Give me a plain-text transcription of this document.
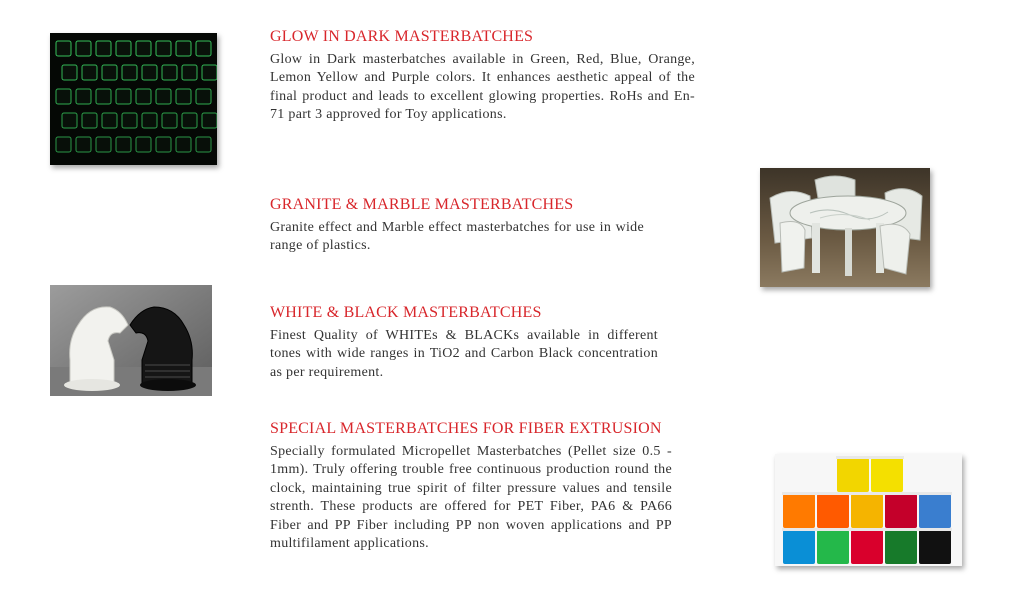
GLOW IN DARK MASTERBATCHES
Glow in Dark masterbatches available in Green, Red, Blue, Orange, Lemon Yellow and Purple colors. It enhances aesthetic appeal of the final product and leads to excellent glowing properties. RoHs and En-71 part 3 approved for Toy applications.
GRANITE & MARBLE MASTERBATCHES
Granite effect and Marble effect masterbatches for use in wide range of plastics.
WHITE & BLACK MASTERBATCHES
Finest Quality of WHITEs & BLACKs available in different tones with wide ranges in TiO2 and Carbon Black concentration as per requirement.
SPECIAL MASTERBATCHES FOR FIBER EXTRUSION
Specially formulated Micropellet Masterbatches (Pellet size 0.5 - 1mm). Truly offering trouble free continuous production round the clock, maintaining true spirit of filter pressure values and tensile strenth. These products are offered for PET Fiber, PA6 & PA66 Fiber and PP Fiber including PP non woven applications and PP multifilament applications.
